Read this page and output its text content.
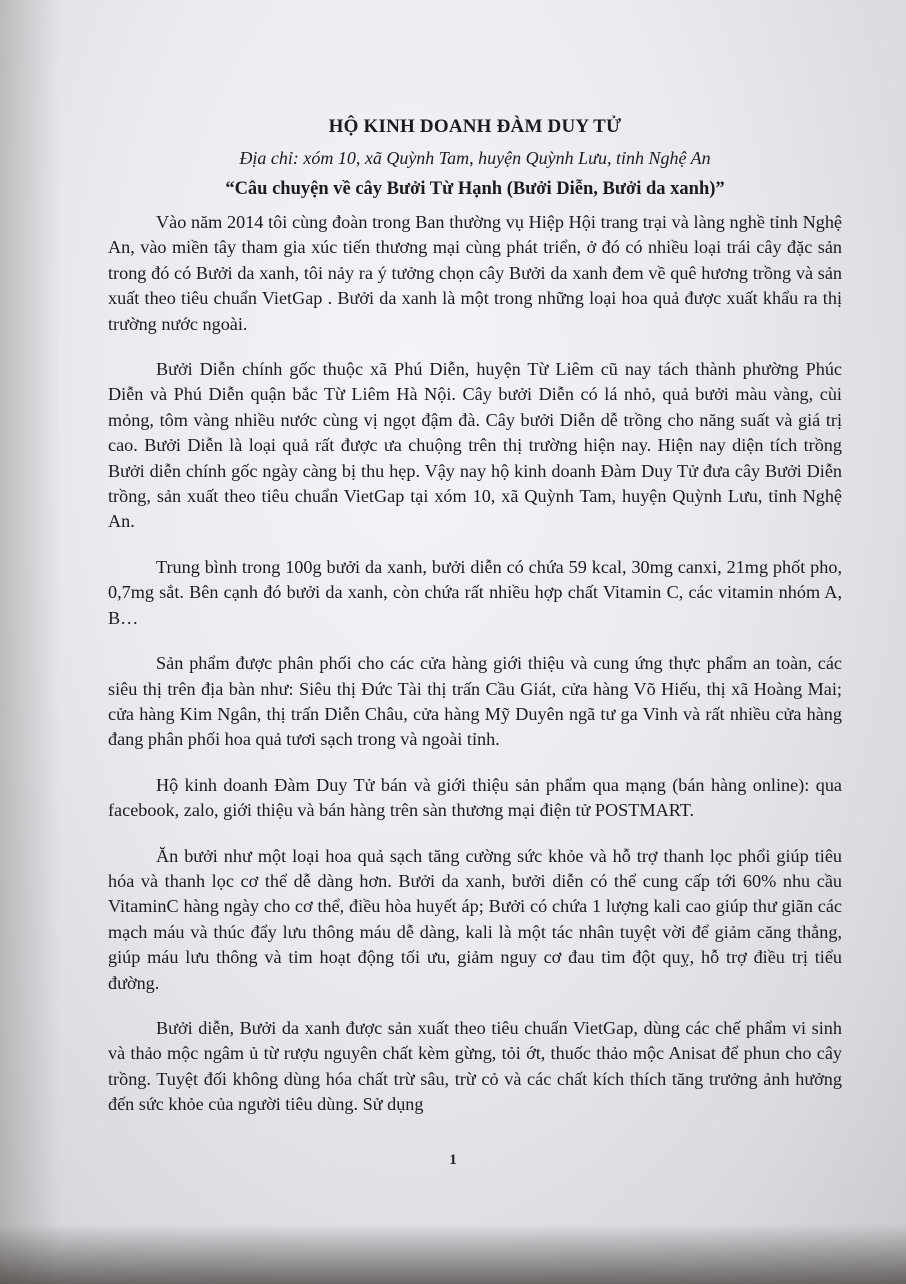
HỘ KINH DOANH ĐÀM DUY TỬ
Địa chỉ: xóm 10, xã Quỳnh Tam, huyện Quỳnh Lưu, tỉnh Nghệ An
“Câu chuyện về cây Bưởi Từ Hạnh (Bưởi Diễn, Bưởi da xanh)”

Vào năm 2014 tôi cùng đoàn trong Ban thường vụ Hiệp Hội trang trại và làng nghề tỉnh Nghệ An, vào miền tây tham gia xúc tiến thương mại cùng phát triển, ở đó có nhiều loại trái cây đặc sản trong đó có Bưởi da xanh, tôi nảy ra ý tưởng chọn cây Bưởi da xanh đem về quê hương trồng và sản xuất theo tiêu chuẩn VietGap . Bưởi da xanh là một trong những loại hoa quả được xuất khẩu ra thị trường nước ngoài.

Bưởi Diễn chính gốc thuộc xã Phú Diễn, huyện Từ Liêm cũ nay tách thành phường Phúc Diễn và Phú Diễn quận bắc Từ Liêm Hà Nội. Cây bưởi Diễn có lá nhỏ, quả bưởi màu vàng, cùi mỏng, tôm vàng nhiều nước cùng vị ngọt đậm đà. Cây bưởi Diễn dễ trồng cho năng suất và giá trị cao. Bưởi Diễn là loại quả rất được ưa chuộng trên thị trường hiện nay. Hiện nay diện tích trồng Bưởi diễn chính gốc ngày càng bị thu hẹp. Vậy nay hộ kinh doanh Đàm Duy Tử đưa cây Bưởi Diễn trồng, sản xuất theo tiêu chuẩn VietGap tại xóm 10, xã Quỳnh Tam, huyện Quỳnh Lưu, tỉnh Nghệ An.

Trung bình trong 100g bưởi da xanh, bưởi diễn có chứa 59 kcal, 30mg canxi, 21mg phốt pho, 0,7mg sắt. Bên cạnh đó bưởi da xanh, còn chứa rất nhiều hợp chất Vitamin C, các vitamin nhóm A, B…

Sản phẩm được phân phối cho các cửa hàng giới thiệu và cung ứng thực phẩm an toàn, các siêu thị trên địa bàn như: Siêu thị Đức Tài thị trấn Cầu Giát, cửa hàng Võ Hiếu, thị xã Hoàng Mai; cửa hàng Kim Ngân, thị trấn Diễn Châu, cửa hàng Mỹ Duyên ngã tư ga Vinh và rất nhiều cửa hàng đang phân phối hoa quả tươi sạch trong và ngoài tỉnh.

Hộ kinh doanh Đàm Duy Tử bán và giới thiệu sản phẩm qua mạng (bán hàng online): qua facebook, zalo, giới thiệu và bán hàng trên sàn thương mại điện tử POSTMART.

Ăn bưởi như một loại hoa quả sạch tăng cường sức khỏe và hỗ trợ thanh lọc phổi giúp tiêu hóa và thanh lọc cơ thể dễ dàng hơn. Bưởi da xanh, bưởi diễn có thể cung cấp tới 60% nhu cầu VitaminC hàng ngày cho cơ thể, điều hòa huyết áp; Bưởi có chứa 1 lượng kali cao giúp thư giãn các mạch máu và thúc đẩy lưu thông máu dễ dàng, kali là một tác nhân tuyệt vời để giảm căng thẳng, giúp máu lưu thông và tim hoạt động tối ưu, giảm nguy cơ đau tim đột quỵ, hỗ trợ điều trị tiểu đường.

Bưởi diễn, Bưởi da xanh được sản xuất theo tiêu chuẩn VietGap, dùng các chế phẩm vi sinh và thảo mộc ngâm ủ từ rượu nguyên chất kèm gừng, tỏi ớt, thuốc thảo mộc Anisat để phun cho cây trồng. Tuyệt đối không dùng hóa chất trừ sâu, trừ cỏ và các chất kích thích tăng trưởng ảnh hưởng đến sức khỏe của người tiêu dùng. Sử dụng

1
